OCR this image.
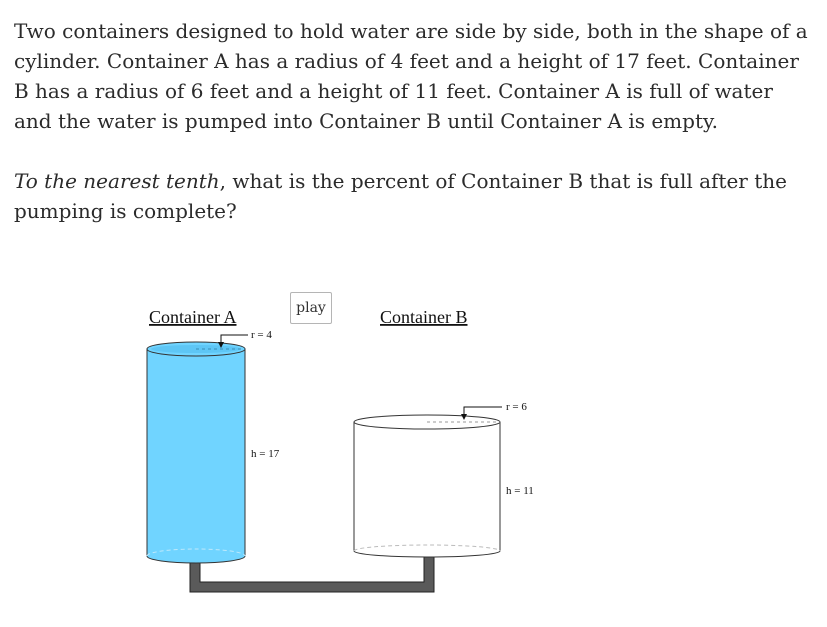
Two containers designed to hold water are side by side, both in the shape of a cylinder. Container A has a radius of 4 feet and a height of 17 feet. Container B has a radius of 6 feet and a height of 11 feet. Container A is full of water and the water is pumped into Container B until Container A is empty.

To the nearest tenth, what is the percent of Container B that is full after the pumping is complete?

Container A	Container B
r = 4
h = 17
r = 6
h = 11
play
